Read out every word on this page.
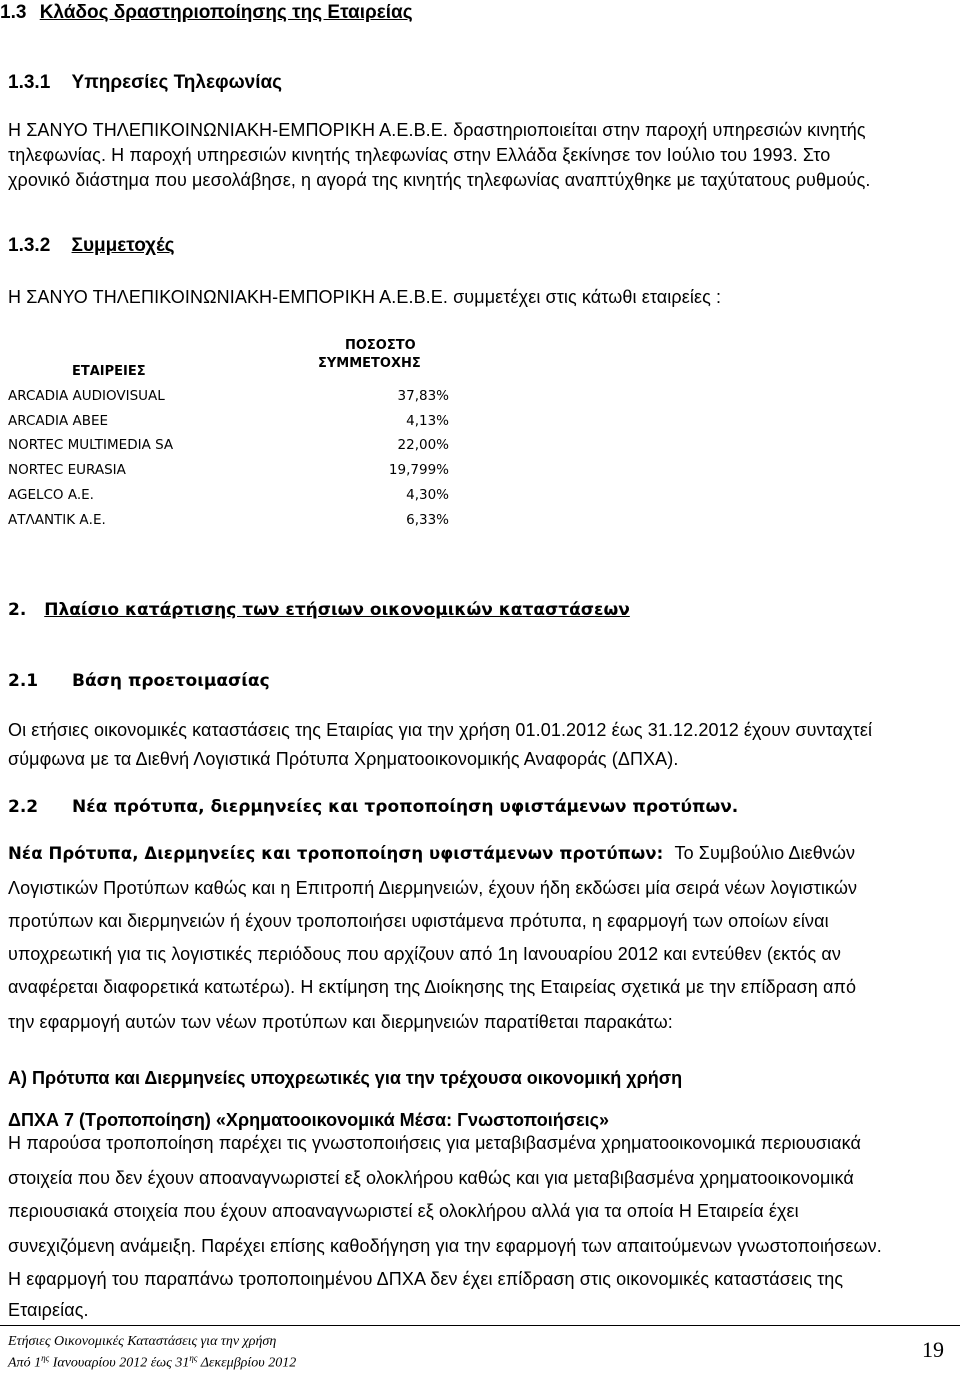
1.3 Κλάδος δραστηριοποίησης της Εταιρείας
1.3.1 Υπηρεσίες Τηλεφωνίας
Η ΣΑΝΥΟ ΤΗΛΕΠΙΚΟΙΝΩΝΙΑΚΗ-ΕΜΠΟΡΙΚΗ Α.Ε.Β.Ε. δραστηριοποιείται στην παροχή υπηρεσιών κινητής
τηλεφωνίας. Η παροχή υπηρεσιών κινητής τηλεφωνίας στην Ελλάδα ξεκίνησε τον Ιούλιο του 1993. Στο
χρονικό διάστημα που μεσολάβησε, η αγορά της κινητής τηλεφωνίας αναπτύχθηκε με ταχύτατους ρυθμούς.
1.3.2 Συμμετοχές
Η ΣΑΝΥΟ ΤΗΛΕΠΙΚΟΙΝΩΝΙΑΚΗ-ΕΜΠΟΡΙΚΗ Α.Ε.Β.Ε. συμμετέχει στις κάτωθι εταιρείες :
ΕΤΑΙΡΕΙΕΣ
ΠΟΣΟΣΤΟ
ΣΥΜΜΕΤΟΧΗΣ
ARCADIA AUDIOVISUAL	37,83%
ARCADIA ABEE	4,13%
NORTEC MULTIMEDIA SA	22,00%
NORTEC EURASIA	19,799%
AGELCO A.E.	4,30%
ΑΤΛΑΝΤΙΚ Α.Ε.	6,33%
2. Πλαίσιο κατάρτισης των ετήσιων οικονομικών καταστάσεων
2.1 Βάση προετοιμασίας
Οι ετήσιες οικονομικές καταστάσεις της Εταιρίας για την χρήση 01.01.2012 έως 31.12.2012 έχουν συνταχτεί
σύμφωνα με τα Διεθνή Λογιστικά Πρότυπα Χρηματοοικονομικής Αναφοράς (ΔΠΧΑ).
2.2 Νέα πρότυπα, διερμηνείες και τροποποίηση υφιστάμενων προτύπων.
Νέα Πρότυπα, Διερμηνείες και τροποποίηση υφιστάμενων προτύπων: Το Συμβούλιο Διεθνών
Λογιστικών Προτύπων καθώς και η Επιτροπή Διερμηνειών, έχουν ήδη εκδώσει μία σειρά νέων λογιστικών
προτύπων και διερμηνειών ή έχουν τροποποιήσει υφιστάμενα πρότυπα, η εφαρμογή των οποίων είναι
υποχρεωτική για τις λογιστικές περιόδους που αρχίζουν από 1η Ιανουαρίου 2012 και εντεύθεν (εκτός αν
αναφέρεται διαφορετικά κατωτέρω). Η εκτίμηση της Διοίκησης της Εταιρείας σχετικά με την επίδραση από
την εφαρμογή αυτών των νέων προτύπων και διερμηνειών παρατίθεται παρακάτω:
Α) Πρότυπα και Διερμηνείες υποχρεωτικές για την τρέχουσα οικονομική χρήση
ΔΠΧΑ 7 (Τροποποίηση) «Χρηματοοικονομικά Μέσα: Γνωστοποιήσεις»
Η παρούσα τροποποίηση παρέχει τις γνωστοποιήσεις για μεταβιβασμένα χρηματοοικονομικά περιουσιακά
στοιχεία που δεν έχουν αποαναγνωριστεί εξ ολοκλήρου καθώς και για μεταβιβασμένα χρηματοοικονομικά
περιουσιακά στοιχεία που έχουν αποαναγνωριστεί εξ ολοκλήρου αλλά για τα οποία Η Εταιρεία έχει
συνεχιζόμενη ανάμειξη. Παρέχει επίσης καθοδήγηση για την εφαρμογή των απαιτούμενων γνωστοποιήσεων.
Η εφαρμογή του παραπάνω τροποποιημένου ΔΠΧΑ δεν έχει επίδραση στις οικονομικές καταστάσεις της
Εταιρείας.
Ετήσιες Οικονομικές Καταστάσεις για την χρήση
Από $1^{\eta\varsigma}$ Ιανουαρίου 2012 έως $31^{\eta\varsigma}$ Δεκεμβρίου 2012
19
